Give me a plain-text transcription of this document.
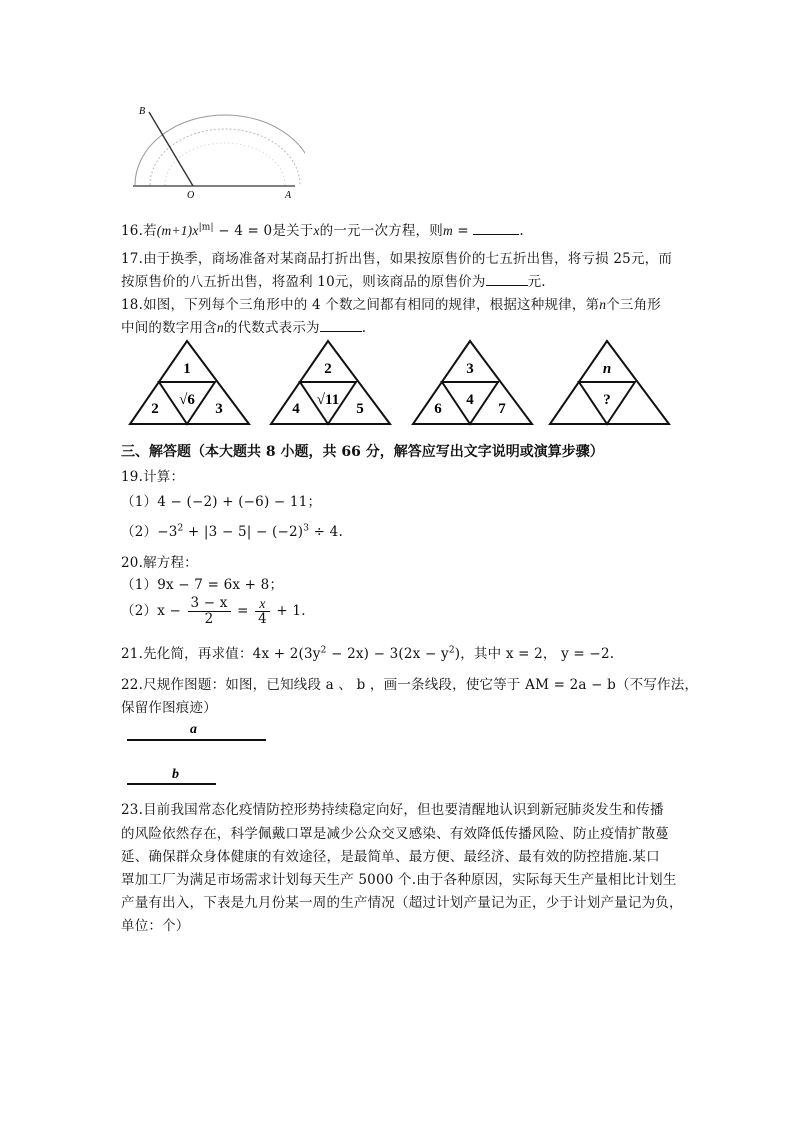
B
O	A
16.若$(m+1)x^{|m|} - 4 = 0$是关于x的一元一次方程，则m =	.
17.由于换季，商场准备对某商品打折出售，如果按原售价的七五折出售，将亏损 25元，而
按原售价的八五折出售，将盈利 10元，则该商品的原售价为	元.
18.如图，下列每个三角形中的 4 个数之间都有相同的规律，根据这种规律，第n个三角形
中间的数字用含n的代数式表示为	.
1
√6
2	3
2
√11
4	5
3
4
6	7
n
?
三、解答题（本大题共 8 小题，共 66 分，解答应写出文字说明或演算步骤）
19.计算：
（1）4 − (−2) + (−6) − 11；
$(2)-3^2 + |3 - 5| - (-2)^3 \div 4$.
20.解方程：
（1）9x − 7 = 6x + 8；
$(2)x - \frac{3 - x}{2} = \frac{x}{4} + 1$.
21.先化简，再求值：$4x + 2(3y^2 - 2x) - 3(2x - y^2)$，其中 x = 2， y = −2.
22.尺规作图题：如图，已知线段 a 、 b ，画一条线段，使它等于 AM = 2a − b（不写作法，
保留作图痕迹）
a
b
23.目前我国常态化疫情防控形势持续稳定向好，但也要清醒地认识到新冠肺炎发生和传播
的风险依然存在，科学佩戴口罩是减少公众交叉感染、有效降低传播风险、防止疫情扩散蔓
延、确保群众身体健康的有效途径，是最简单、最方便、最经济、最有效的防控措施.某口
罩加工厂为满足市场需求计划每天生产 5000 个.由于各种原因，实际每天生产量相比计划生
产量有出入，下表是九月份某一周的生产情况（超过计划产量记为正，少于计划产量记为负，
单位：个）
